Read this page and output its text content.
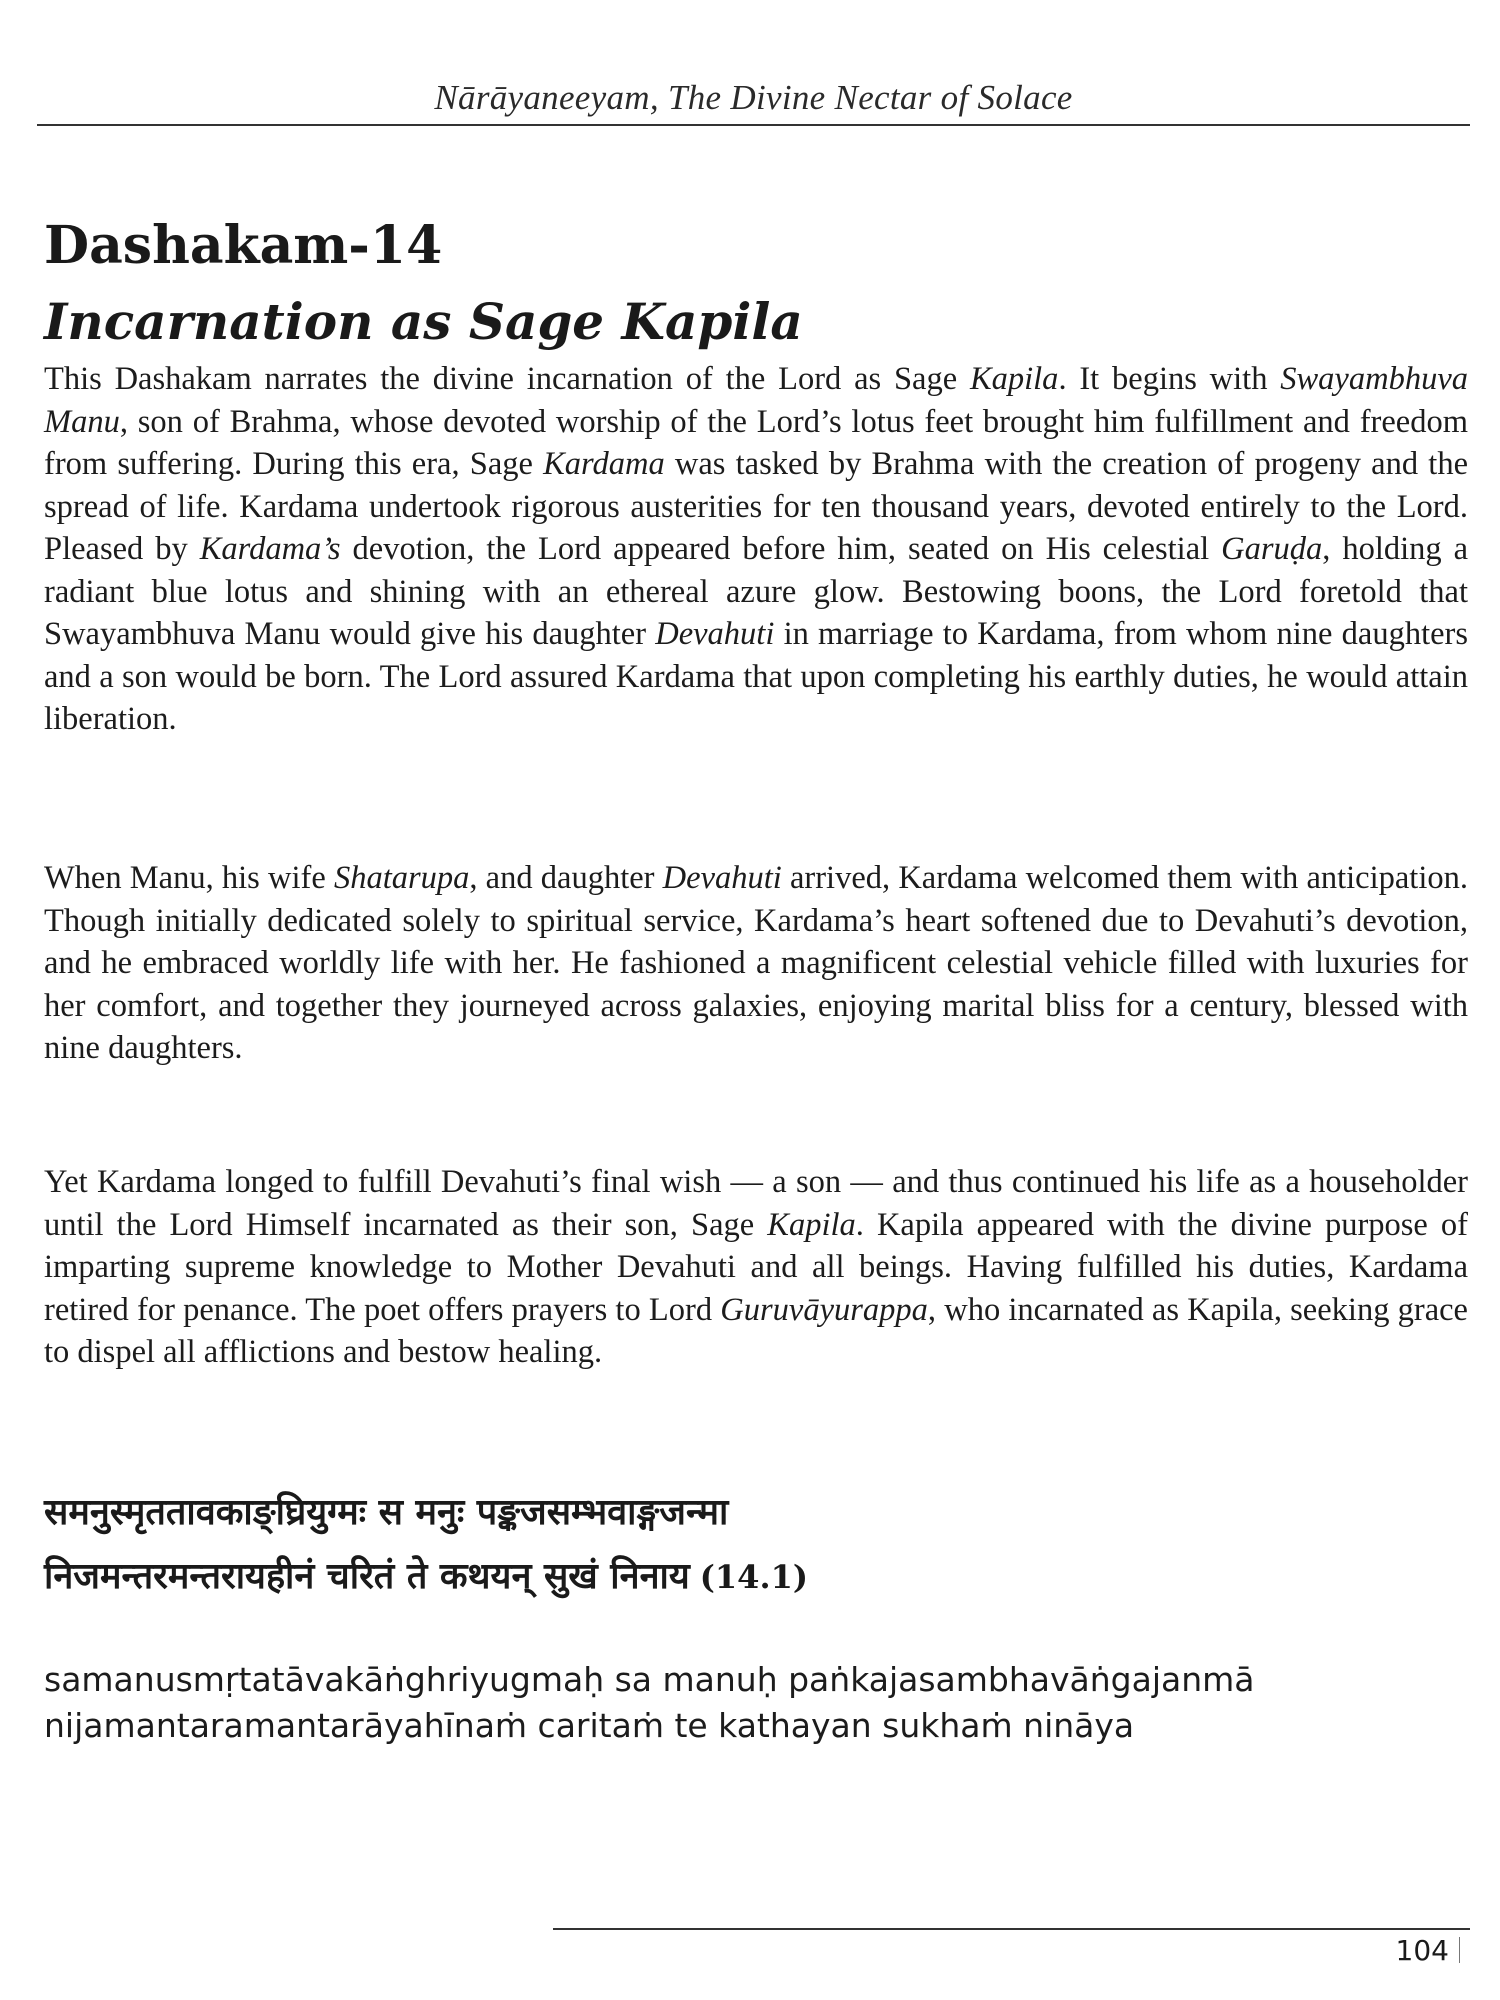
Nārāyaneeyam, The Divine Nectar of Solace
Dashakam-14
Incarnation as Sage Kapila

This Dashakam narrates the divine incarnation of the Lord as Sage Kapila. It begins with Swayambhuva Manu, son of Brahma, whose devoted worship of the Lord’s lotus feet brought him fulfillment and freedom from suffering. During this era, Sage Kardama was tasked by Brahma with the creation of progeny and the spread of life. Kardama undertook rigorous austerities for ten thousand years, devoted entirely to the Lord. Pleased by Kardama’s devotion, the Lord appeared before him, seated on His celestial Garuḍa, holding a radiant blue lotus and shining with an ethereal azure glow. Bestowing boons, the Lord foretold that Swayambhuva Manu would give his daughter Devahuti in marriage to Kardama, from whom nine daughters and a son would be born. The Lord assured Kardama that upon completing his earthly duties, he would attain liberation.

When Manu, his wife Shatarupa, and daughter Devahuti arrived, Kardama welcomed them with anticipation. Though initially dedicated solely to spiritual service, Kardama’s heart softened due to Devahuti’s devotion, and he embraced worldly life with her. He fashioned a magnificent celestial vehicle filled with luxuries for her comfort, and together they journeyed across galaxies, enjoying marital bliss for a century, blessed with nine daughters.

Yet Kardama longed to fulfill Devahuti’s final wish — a son — and thus continued his life as a householder until the Lord Himself incarnated as their son, Sage Kapila. Kapila appeared with the divine purpose of imparting supreme knowledge to Mother Devahuti and all beings. Having fulfilled his duties, Kardama retired for penance. The poet offers prayers to Lord Guruvāyurappa, who incarnated as Kapila, seeking grace to dispel all afflictions and bestow healing.

समनुस्मृततावकाङ्घ्रियुग्मः स मनुः पङ्कजसम्भवाङ्गजन्मा

निजमन्तरमन्तरायहीनं चरितं ते कथयन् सुखं निनाय (14.1)

samanusmṛtatāvakāṅghriyugmaḥ sa manuḥ paṅkajasambhavāṅgajanmā

nijamantaramantarāyahīnaṁ caritaṁ te kathayan sukhaṁ nināya

104
